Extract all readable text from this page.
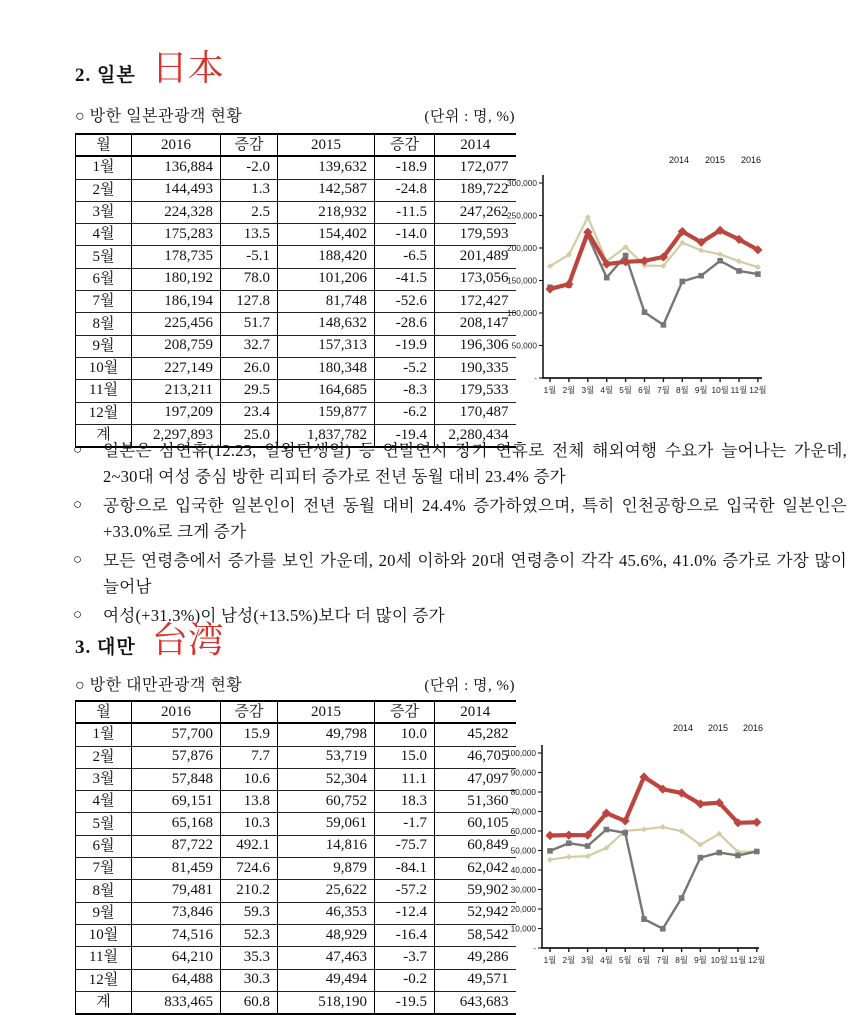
2. 일본 日本
○ 방한 일본관광객 현황	(단위 : 명, %)
월	2016	증감	2015	증감	2014
1월	136,884	-2.0	139,632	-18.9	172,077
2월	144,493	1.3	142,587	-24.8	189,722
3월	224,328	2.5	218,932	-11.5	247,262
4월	175,283	13.5	154,402	-14.0	179,593
5월	178,735	-5.1	188,420	-6.5	201,489
6월	180,192	78.0	101,206	-41.5	173,056
7월	186,194	127.8	81,748	-52.6	172,427
8월	225,456	51.7	148,632	-28.6	208,147
9월	208,759	32.7	157,313	-19.9	196,306
10월	227,149	26.0	180,348	-5.2	190,335
11월	213,211	29.5	164,685	-8.3	179,533
12월	197,209	23.4	159,877	-6.2	170,487
계	2,297,893	25.0	1,837,782	-19.4	2,280,434
-
50,000
100,000
150,000
200,000
250,000
300,000
1월 2월 3월 4월 5월 6월 7월 8월 9월 10월 11월 12월
2014 2015 2016
○ 일본은 삼연휴(12.23, 일왕탄생일) 등 연말연시 장기 연휴로 전체 해외여행 수요가 늘어나는 가운데, 2~30대 여성 중심 방한 리피터 증가로 전년 동월 대비 23.4% 증가
○ 공항으로 입국한 일본인이 전년 동월 대비 24.4% 증가하였으며, 특히 인천공항으로 입국한 일본인은 +33.0%로 크게 증가
○ 모든 연령층에서 증가를 보인 가운데, 20세 이하와 20대 연령층이 각각 45.6%, 41.0% 증가로 가장 많이 늘어남
○ 여성(+31.3%)이 남성(+13.5%)보다 더 많이 증가
3. 대만 台湾
○ 방한 대만관광객 현황	(단위 : 명, %)
월	2016	증감	2015	증감	2014
1월	57,700	15.9	49,798	10.0	45,282
2월	57,876	7.7	53,719	15.0	46,705
3월	57,848	10.6	52,304	11.1	47,097
4월	69,151	13.8	60,752	18.3	51,360
5월	65,168	10.3	59,061	-1.7	60,105
6월	87,722	492.1	14,816	-75.7	60,849
7월	81,459	724.6	9,879	-84.1	62,042
8월	79,481	210.2	25,622	-57.2	59,902
9월	73,846	59.3	46,353	-12.4	52,942
10월	74,516	52.3	48,929	-16.4	58,542
11월	64,210	35.3	47,463	-3.7	49,286
12월	64,488	30.3	49,494	-0.2	49,571
계	833,465	60.8	518,190	-19.5	643,683
-
10,000
20,000
30,000
40,000
50,000
60,000
70,000
80,000
90,000
100,000
1월 2월 3월 4월 5월 6월 7월 8월 9월 10월 11월 12월
2014 2015 2016
